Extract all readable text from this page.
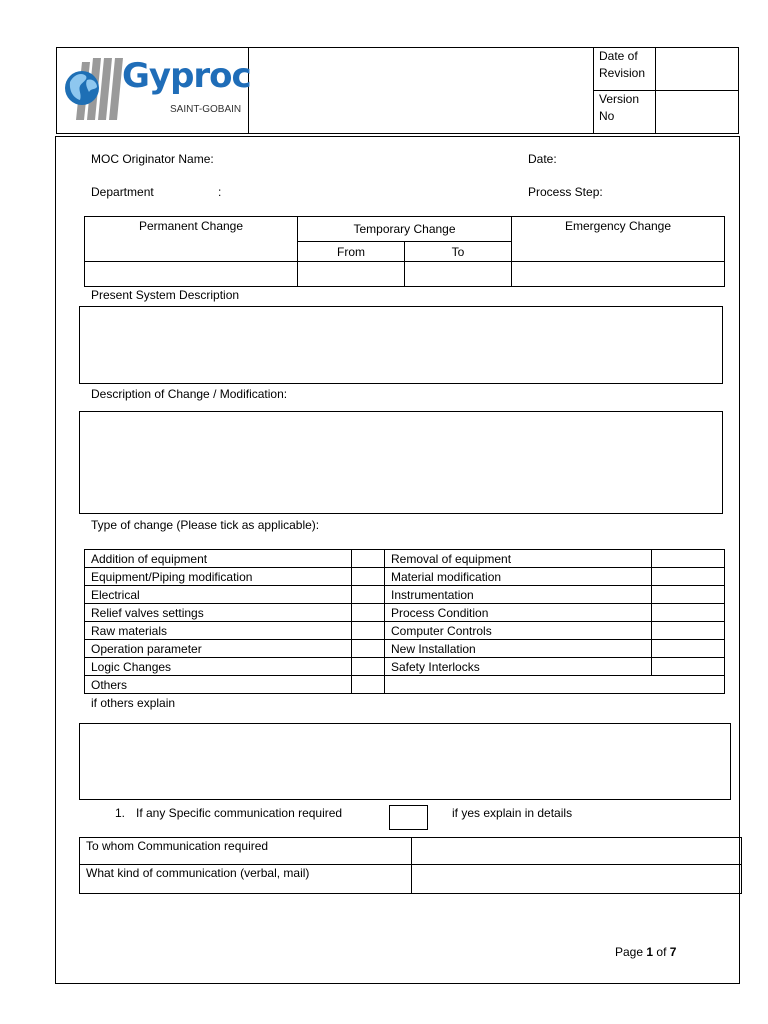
Gyproc
SAINT-GOBAIN
Date of Revision
Version No
MOC Originator Name:	Date:
Department	:	Process Step:
Permanent Change	Temporary Change		Emergency Change
	From	To	

Present System Description
Description of Change / Modification:
Type of change (Please tick as applicable):
Addition of equipment		Removal of equipment	
Equipment/Piping modification		Material modification	
Electrical		Instrumentation	
Relief valves settings		Process Condition	
Raw materials		Computer Controls	
Operation parameter		New Installation	
Logic Changes		Safety Interlocks	
Others			
if others explain
1. If any Specific communication required	if yes explain in details
To whom Communication required	
What kind of communication (verbal, mail)	
Page 1 of 7
